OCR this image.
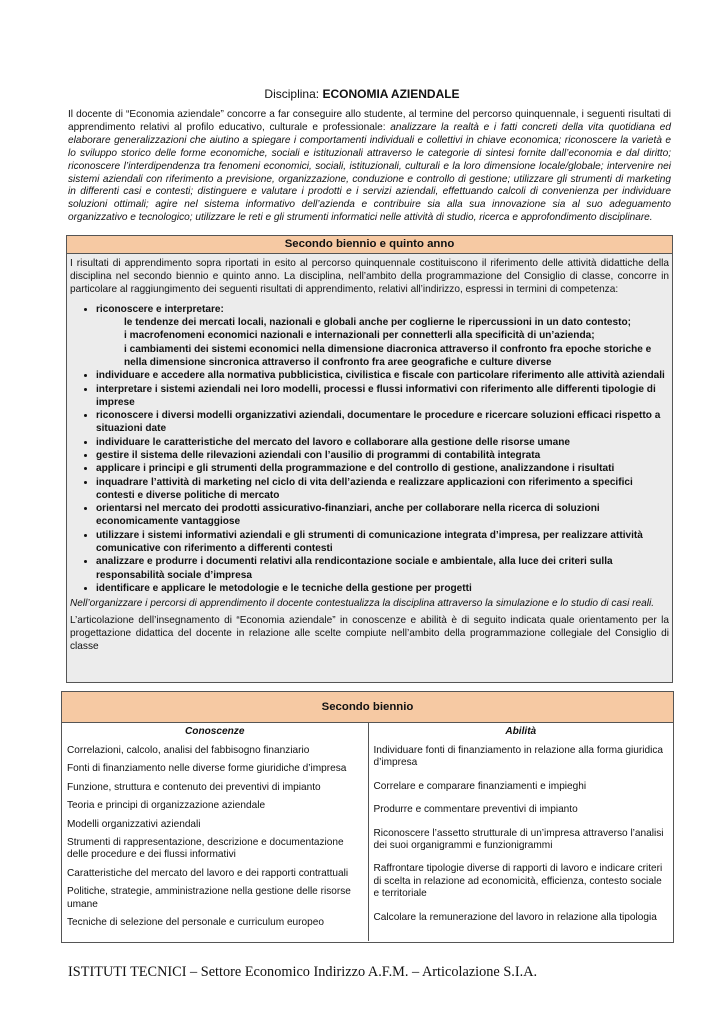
Disciplina: ECONOMIA AZIENDALE
Il docente di “Economia aziendale” concorre a far conseguire allo studente, al termine del percorso quinquennale, i seguenti risultati di apprendimento relativi al profilo educativo, culturale e professionale: analizzare la realtà e i fatti concreti della vita quotidiana ed elaborare generalizzazioni che aiutino a spiegare i comportamenti individuali e collettivi in chiave economica; riconoscere la varietà e lo sviluppo storico delle forme economiche, sociali e istituzionali attraverso le categorie di sintesi fornite dall’economia e dal diritto; riconoscere l’interdipendenza tra fenomeni economici, sociali, istituzionali, culturali e la loro dimensione locale/globale; intervenire nei sistemi aziendali con riferimento a previsione, organizzazione, conduzione e controllo di gestione; utilizzare gli strumenti di marketing in differenti casi e contesti; distinguere e valutare i prodotti e i servizi aziendali, effettuando calcoli di convenienza per individuare soluzioni ottimali; agire nel sistema informativo dell’azienda e contribuire sia alla sua innovazione sia al suo adeguamento organizzativo e tecnologico; utilizzare le reti e gli strumenti informatici nelle attività di studio, ricerca e approfondimento disciplinare.
Secondo biennio e quinto anno

I risultati di apprendimento sopra riportati in esito al percorso quinquennale costituiscono il riferimento delle attività didattiche della disciplina nel secondo biennio e quinto anno. La disciplina, nell’ambito della programmazione del Consiglio di classe, concorre in particolare al raggiungimento dei seguenti risultati di apprendimento, relativi all’indirizzo, espressi in termini di competenza:

• riconoscere e interpretare:
le tendenze dei mercati locali, nazionali e globali anche per coglierne le ripercussioni in un dato contesto;
i macrofenomeni economici nazionali e internazionali per connetterli alla specificità di un’azienda;
i cambiamenti dei sistemi economici nella dimensione diacronica attraverso il confronto fra epoche storiche e nella dimensione sincronica attraverso il confronto fra aree geografiche e culture diverse
• individuare e accedere alla normativa pubblicistica, civilistica e fiscale con particolare riferimento alle attività aziendali
• interpretare i sistemi aziendali nei loro modelli, processi e flussi informativi con riferimento alle differenti tipologie di imprese
• riconoscere i diversi modelli organizzativi aziendali, documentare le procedure e ricercare soluzioni efficaci rispetto a situazioni date
• individuare le caratteristiche del mercato del lavoro e collaborare alla gestione delle risorse umane
• gestire il sistema delle rilevazioni aziendali con l’ausilio di programmi di contabilità integrata
• applicare i principi e gli strumenti della programmazione e del controllo di gestione, analizzandone i risultati
• inquadrare l’attività di marketing nel ciclo di vita dell’azienda e realizzare applicazioni con riferimento a specifici contesti e diverse politiche di mercato
• orientarsi nel mercato dei prodotti assicurativo-finanziari, anche per collaborare nella ricerca di soluzioni economicamente vantaggiose
• utilizzare i sistemi informativi aziendali e gli strumenti di comunicazione integrata d’impresa, per realizzare attività comunicative con riferimento a differenti contesti
• analizzare e produrre i documenti relativi alla rendicontazione sociale e ambientale, alla luce dei criteri sulla responsabilità sociale d’impresa
• identificare e applicare le metodologie e le tecniche della gestione per progetti

Nell’organizzare i percorsi di apprendimento il docente contestualizza la disciplina attraverso la simulazione e lo studio di casi reali.

L’articolazione dell’insegnamento di “Economia aziendale” in conoscenze e abilità è di seguito indicata quale orientamento per la progettazione didattica del docente in relazione alle scelte compiute nell’ambito della programmazione collegiale del Consiglio di classe

Secondo biennio
Conoscenze

Correlazioni, calcolo, analisi del fabbisogno finanziario

Fonti di finanziamento nelle diverse forme giuridiche d’impresa

Funzione, struttura e contenuto dei preventivi di impianto

Teoria e principi di organizzazione aziendale

Modelli organizzativi aziendali

Strumenti di rappresentazione, descrizione e documentazione delle procedure e dei flussi informativi

Caratteristiche del mercato del lavoro e dei rapporti contrattuali

Politiche, strategie, amministrazione nella gestione delle risorse umane

Tecniche di selezione del personale e curriculum europeo

Abilità

Individuare fonti di finanziamento in relazione alla forma giuridica d’impresa

Correlare e comparare finanziamenti e impieghi

Produrre e commentare preventivi di impianto

Riconoscere l’assetto strutturale di un’impresa attraverso l’analisi dei suoi organigrammi e funzionigrammi

Raffrontare tipologie diverse di rapporti di lavoro e indicare criteri di scelta in relazione ad economicità, efficienza, contesto sociale e territoriale

Calcolare la remunerazione del lavoro in relazione alla tipologia

ISTITUTI TECNICI – Settore Economico Indirizzo A.F.M. – Articolazione S.I.A.
